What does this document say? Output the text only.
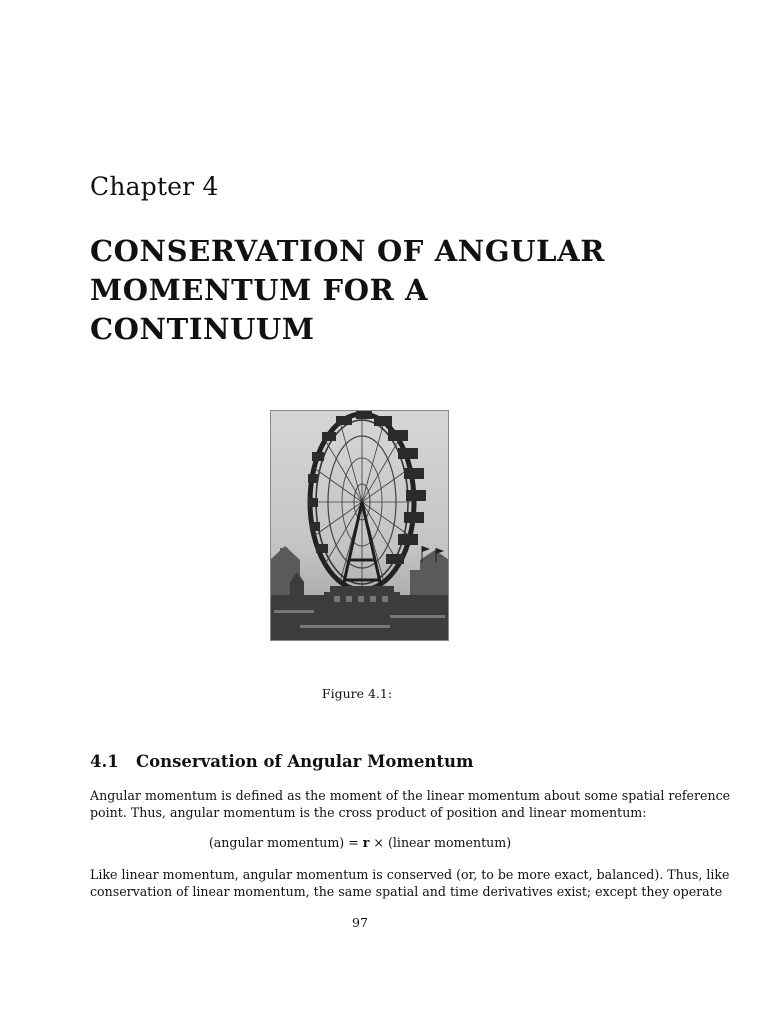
Chapter 4
CONSERVATION OF ANGULAR
MOMENTUM FOR A
CONTINUUM
Figure 4.1:
4.1 Conservation of Angular Momentum

Angular momentum is defined as the moment of the linear momentum about some spatial reference
point. Thus, angular momentum is the cross product of position and linear momentum:

(angular momentum) = r × (linear momentum)

Like linear momentum, angular momentum is conserved (or, to be more exact, balanced). Thus, like
conservation of linear momentum, the same spatial and time derivatives exist; except they operate

97
